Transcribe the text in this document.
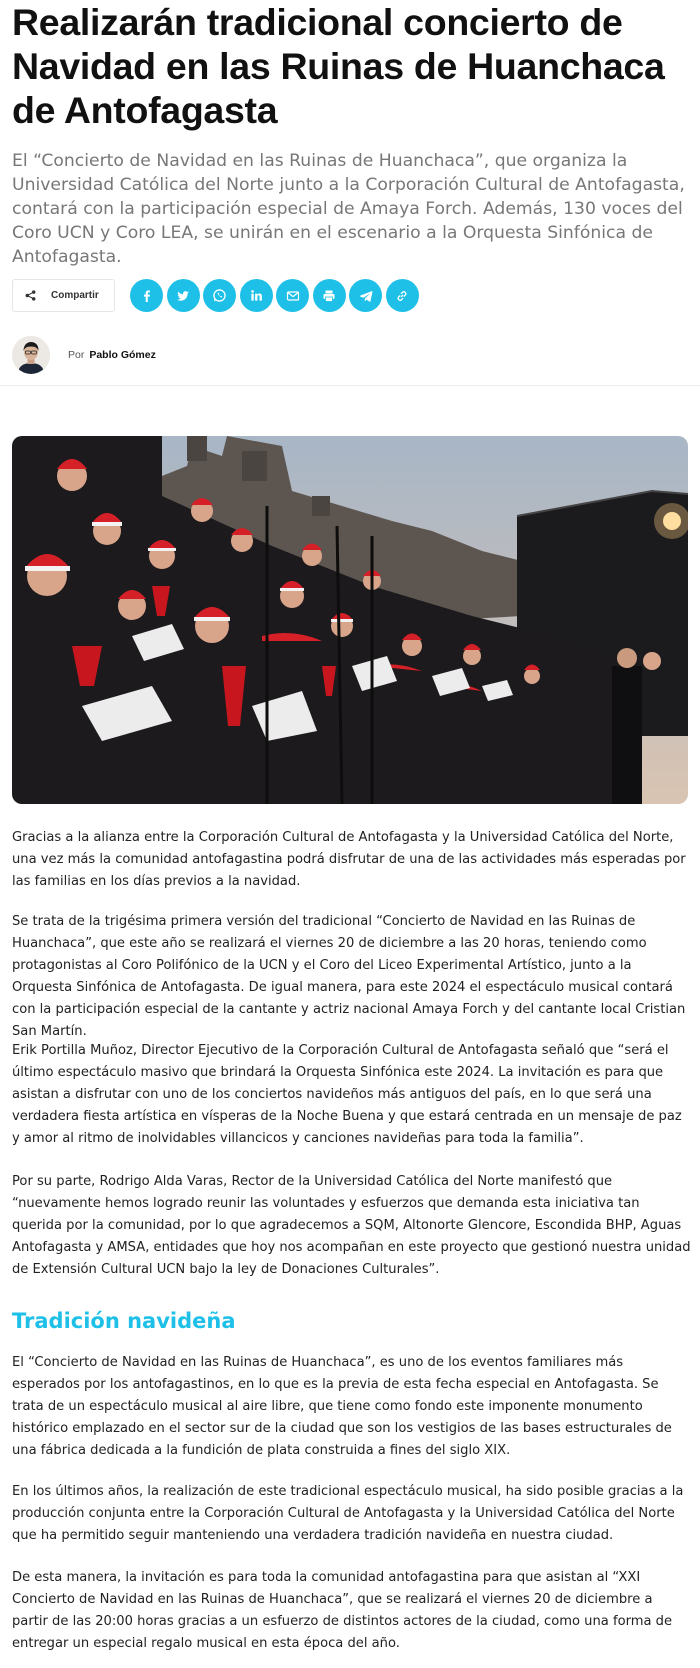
Realizarán tradicional concierto de Navidad en las Ruinas de Huanchaca de Antofagasta

El “Concierto de Navidad en las Ruinas de Huanchaca”, que organiza la Universidad Católica del Norte junto a la Corporación Cultural de Antofagasta, contará con la participación especial de Amaya Forch. Además, 130 voces del Coro UCN y Coro LEA, se unirán en el escenario a la Orquesta Sinfónica de Antofagasta.

Compartir
Por Pablo Gómez

Gracias a la alianza entre la Corporación Cultural de Antofagasta y la Universidad Católica del Norte, una vez más la comunidad antofagastina podrá disfrutar de una de las actividades más esperadas por las familias en los días previos a la navidad.

Se trata de la trigésima primera versión del tradicional “Concierto de Navidad en las Ruinas de Huanchaca”, que este año se realizará el viernes 20 de diciembre a las 20 horas, teniendo como protagonistas al Coro Polifónico de la UCN y el Coro del Liceo Experimental Artístico, junto a la Orquesta Sinfónica de Antofagasta. De igual manera, para este 2024 el espectáculo musical contará con la participación especial de la cantante y actriz nacional Amaya Forch y del cantante local Cristian San Martín.

Erik Portilla Muñoz, Director Ejecutivo de la Corporación Cultural de Antofagasta señaló que “será el último espectáculo masivo que brindará la Orquesta Sinfónica este 2024. La invitación es para que asistan a disfrutar con uno de los conciertos navideños más antiguos del país, en lo que será una verdadera fiesta artística en vísperas de la Noche Buena y que estará centrada en un mensaje de paz y amor al ritmo de inolvidables villancicos y canciones navideñas para toda la familia”.

Por su parte, Rodrigo Alda Varas, Rector de la Universidad Católica del Norte manifestó que “nuevamente hemos logrado reunir las voluntades y esfuerzos que demanda esta iniciativa tan querida por la comunidad, por lo que agradecemos a SQM, Altonorte Glencore, Escondida BHP, Aguas Antofagasta y AMSA, entidades que hoy nos acompañan en este proyecto que gestionó nuestra unidad de Extensión Cultural UCN bajo la ley de Donaciones Culturales”.

Tradición navideña

El “Concierto de Navidad en las Ruinas de Huanchaca”, es uno de los eventos familiares más esperados por los antofagastinos, en lo que es la previa de esta fecha especial en Antofagasta. Se trata de un espectáculo musical al aire libre, que tiene como fondo este imponente monumento histórico emplazado en el sector sur de la ciudad que son los vestigios de las bases estructurales de una fábrica dedicada a la fundición de plata construida a fines del siglo XIX.

En los últimos años, la realización de este tradicional espectáculo musical, ha sido posible gracias a la producción conjunta entre la Corporación Cultural de Antofagasta y la Universidad Católica del Norte que ha permitido seguir manteniendo una verdadera tradición navideña en nuestra ciudad.

De esta manera, la invitación es para toda la comunidad antofagastina para que asistan al “XXI Concierto de Navidad en las Ruinas de Huanchaca”, que se realizará el viernes 20 de diciembre a partir de las 20:00 horas gracias a un esfuerzo de distintos actores de la ciudad, como una forma de entregar un especial regalo musical en esta época del año.
